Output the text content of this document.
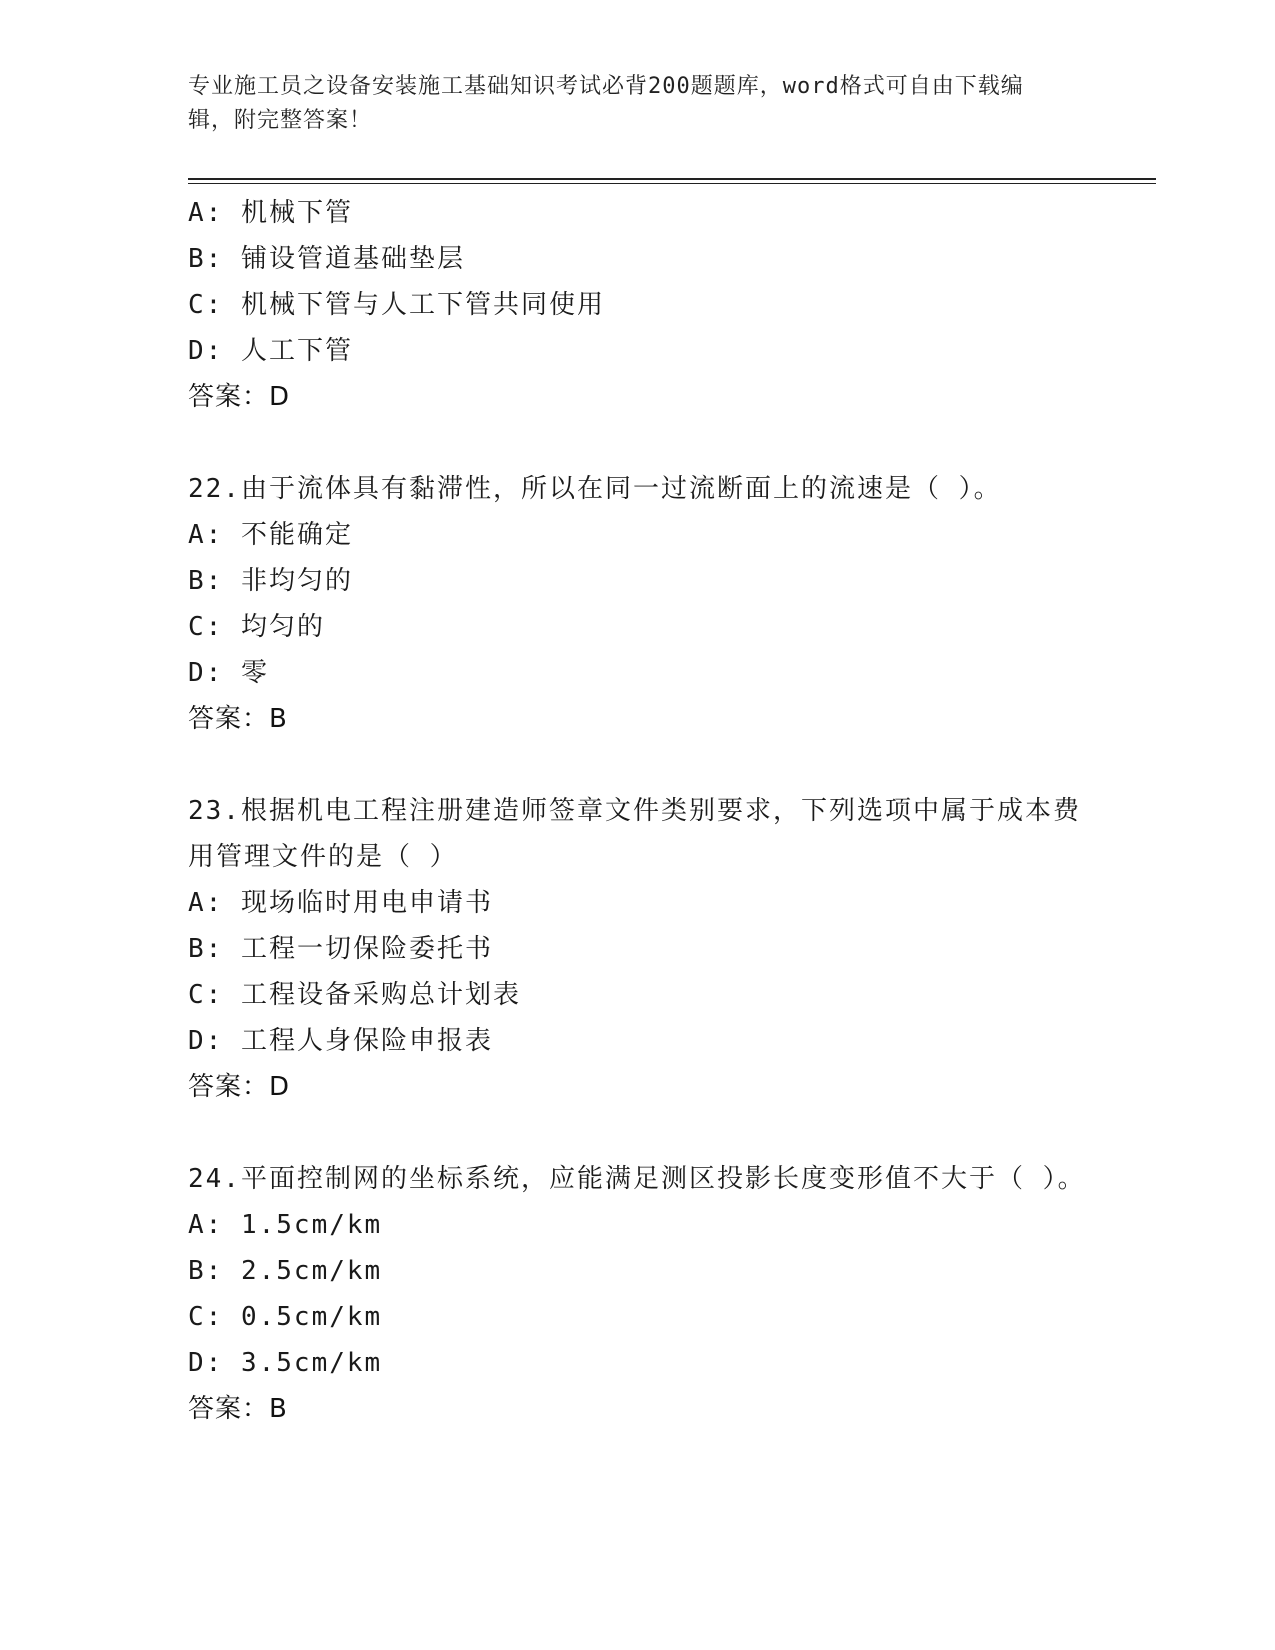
专业施工员之设备安装施工基础知识考试必背200题题库，word格式可自由下载编辑，附完整答案！

A: 机械下管
B: 铺设管道基础垫层
C: 机械下管与人工下管共同使用
D: 人工下管
答案：D
22.由于流体具有黏滞性，所以在同一过流断面上的流速是（ ）。
A: 不能确定
B: 非均匀的
C: 均匀的
D: 零
答案：B
23.根据机电工程注册建造师签章文件类别要求，下列选项中属于成本费用管理文件的是（ ）
A: 现场临时用电申请书
B: 工程一切保险委托书
C: 工程设备采购总计划表
D: 工程人身保险申报表
答案：D
24.平面控制网的坐标系统，应能满足测区投影长度变形值不大于（ ）。
A: 1.5cm/km
B: 2.5cm/km
C: 0.5cm/km
D: 3.5cm/km
答案：B
